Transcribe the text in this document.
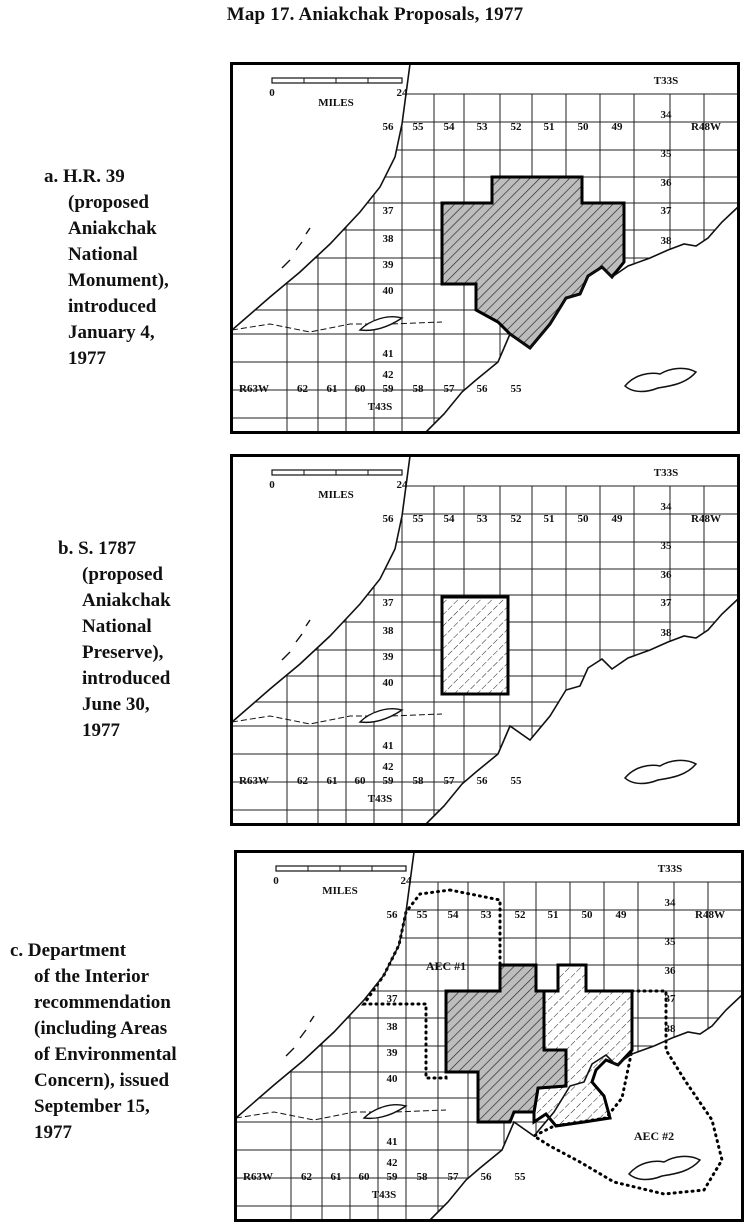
Map 17. Aniakchak Proposals, 1977
a. H.R. 39
(proposed
Aniakchak
National
Monument),
introduced
January 4,
1977
b. S. 1787
(proposed
Aniakchak
National
Preserve),
introduced
June 30,
1977
c. Department
of the Interior
recommendation
(including Areas
of Environmental
Concern), issued
September 15,
1977
0	24
MILES
T33S
R48W
R63W
T43S
56 55 54 53 52 51 50 49
62 61 60 59 58 57 56 55
34
35
36
37
38
37
38
39
40
41
42
0	24
MILES
T33S
R48W
R63W
T43S
56 55 54 53 52 51 50 49
62 61 60 59 58 57 56 55
34
35
36
37
38
37
38
39
40
41
42
0	24
MILES
T33S
R48W
R63W
T43S
56 55 54 53 52 51 50 49
62 61 60 59 58 57 56 55
34
35
36
37
38
37
38
39
40
41
42
AEC #1
AEC #2
